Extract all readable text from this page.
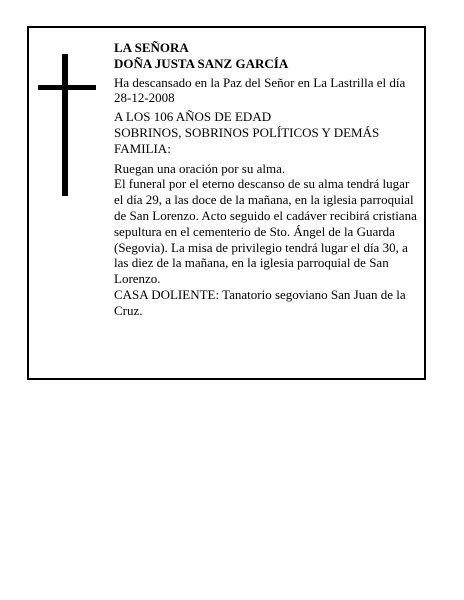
LA SEÑORA

DOÑA JUSTA SANZ GARCÍA

Ha descansado en la Paz del Señor en La Lastrilla el día 28-12-2008

A LOS 106 AÑOS DE EDAD

SOBRINOS, SOBRINOS POLÍTICOS Y DEMÁS FAMILIA:

Ruegan una oración por su alma.

El funeral por el eterno descanso de su alma tendrá lugar el día 29, a las doce de la mañana, en la iglesia parroquial de San Lorenzo. Acto seguido el cadáver recibirá cristiana sepultura en el cementerio de Sto. Ángel de la Guarda (Segovia). La misa de privilegio tendrá lugar el día 30, a las diez de la mañana, en la iglesia parroquial de San Lorenzo.

CASA DOLIENTE: Tanatorio segoviano San Juan de la Cruz.
